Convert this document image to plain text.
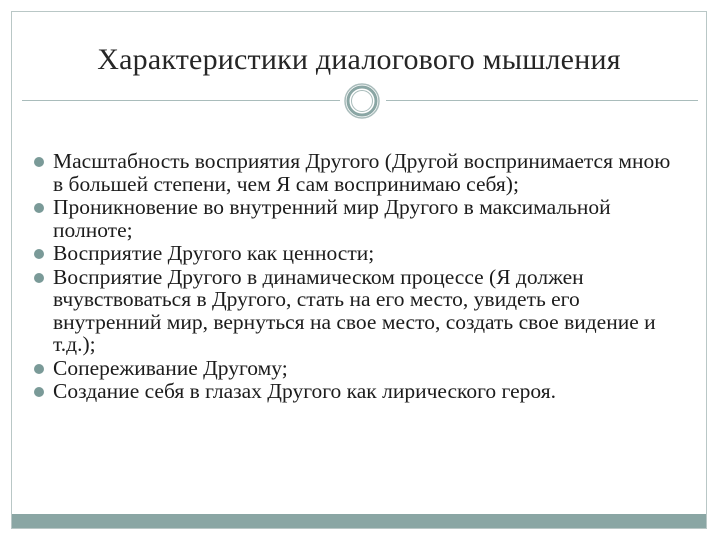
Характеристики диалогового мышления
Масштабность восприятия Другого (Другой воспринимается мною в большей степени, чем Я сам воспринимаю себя);
Проникновение во внутренний мир Другого в максимальной полноте;
Восприятие Другого как ценности;
Восприятие Другого в динамическом процессе (Я должен вчувствоваться в Другого, стать на его место, увидеть его внутренний мир, вернуться на свое место, создать свое видение и т.д.);
Сопереживание Другому;
Создание себя в глазах Другого как лирического героя.
